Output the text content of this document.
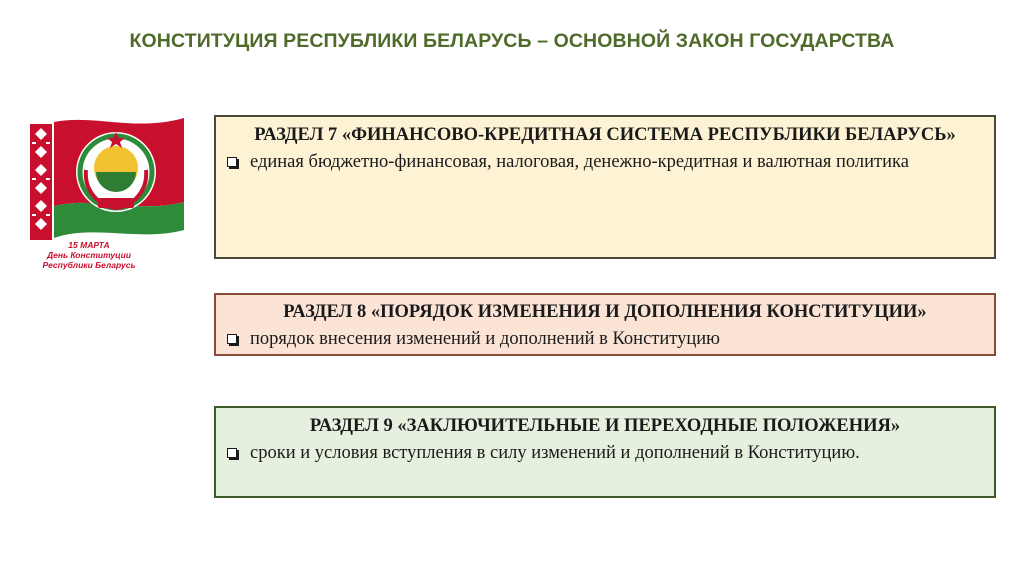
КОНСТИТУЦИЯ РЕСПУБЛИКИ БЕЛАРУСЬ – ОСНОВНОЙ ЗАКОН ГОСУДАРСТВА
15 МАРТА
День Конституции
Республики Беларусь
РАЗДЕЛ 7 «ФИНАНСОВО-КРЕДИТНАЯ СИСТЕМА РЕСПУБЛИКИ БЕЛАРУСЬ»
единая бюджетно-финансовая, налоговая, денежно-кредитная и валютная политика
РАЗДЕЛ 8 «ПОРЯДОК ИЗМЕНЕНИЯ И ДОПОЛНЕНИЯ КОНСТИТУЦИИ»
порядок внесения изменений и дополнений в Конституцию
РАЗДЕЛ 9 «ЗАКЛЮЧИТЕЛЬНЫЕ И ПЕРЕХОДНЫЕ ПОЛОЖЕНИЯ»
сроки и условия вступления в силу изменений и дополнений в Конституцию.
